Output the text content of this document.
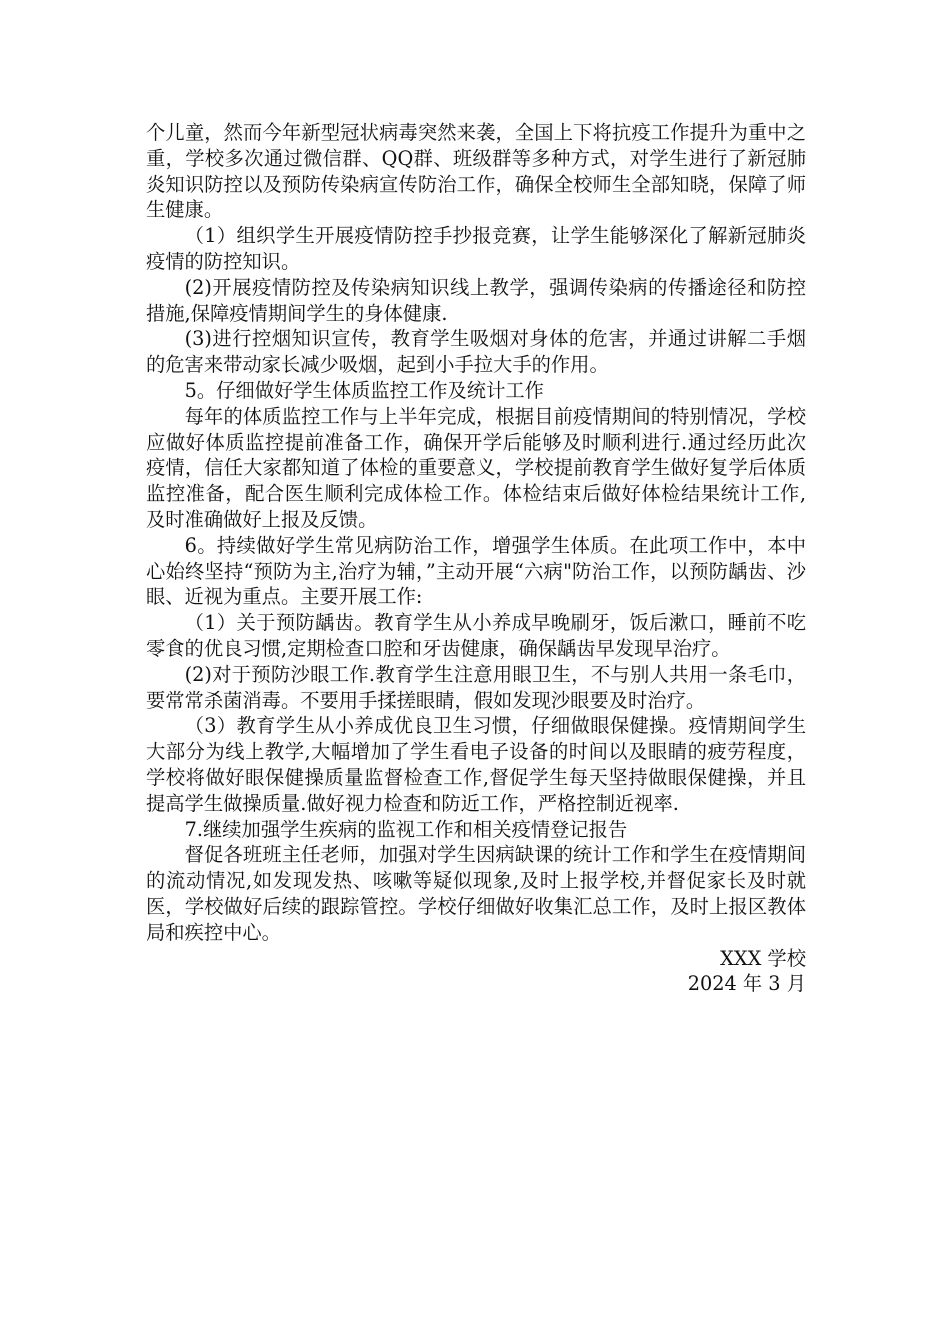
个儿童，然而今年新型冠状病毒突然来袭，全国上下将抗疫工作提升为重中之重，学校多次通过微信群、QQ群、班级群等多种方式，对学生进行了新冠肺炎知识防控以及预防传染病宣传防治工作，确保全校师生全部知晓，保障了师生健康。

（1）组织学生开展疫情防控手抄报竞赛，让学生能够深化了解新冠肺炎疫情的防控知识。

(2)开展疫情防控及传染病知识线上教学，强调传染病的传播途径和防控措施,保障疫情期间学生的身体健康.

(3)进行控烟知识宣传，教育学生吸烟对身体的危害，并通过讲解二手烟的危害来带动家长减少吸烟，起到小手拉大手的作用。

5。仔细做好学生体质监控工作及统计工作

每年的体质监控工作与上半年完成，根据目前疫情期间的特别情况，学校应做好体质监控提前准备工作，确保开学后能够及时顺利进行.通过经历此次疫情，信任大家都知道了体检的重要意义，学校提前教育学生做好复学后体质监控准备，配合医生顺利完成体检工作。体检结束后做好体检结果统计工作,及时准确做好上报及反馈。

6。持续做好学生常见病防治工作，增强学生体质。在此项工作中，本中心始终坚持“预防为主,治疗为辅，”主动开展“六病"防治工作，以预防龋齿、沙眼、近视为重点。主要开展工作:

（1）关于预防龋齿。教育学生从小养成早晚刷牙，饭后漱口，睡前不吃零食的优良习惯,定期检查口腔和牙齿健康，确保龋齿早发现早治疗。

(2)对于预防沙眼工作.教育学生注意用眼卫生，不与别人共用一条毛巾，要常常杀菌消毒。不要用手揉搓眼睛，假如发现沙眼要及时治疗。

（3）教育学生从小养成优良卫生习惯，仔细做眼保健操。疫情期间学生大部分为线上教学,大幅增加了学生看电子设备的时间以及眼睛的疲劳程度，学校将做好眼保健操质量监督检查工作,督促学生每天坚持做眼保健操，并且提高学生做操质量.做好视力检查和防近工作，严格控制近视率.

7.继续加强学生疾病的监视工作和相关疫情登记报告

督促各班班主任老师，加强对学生因病缺课的统计工作和学生在疫情期间的流动情况,如发现发热、咳嗽等疑似现象,及时上报学校,并督促家长及时就医，学校做好后续的跟踪管控。学校仔细做好收集汇总工作，及时上报区教体局和疾控中心。

XXX 学校

2024 年 3 月
